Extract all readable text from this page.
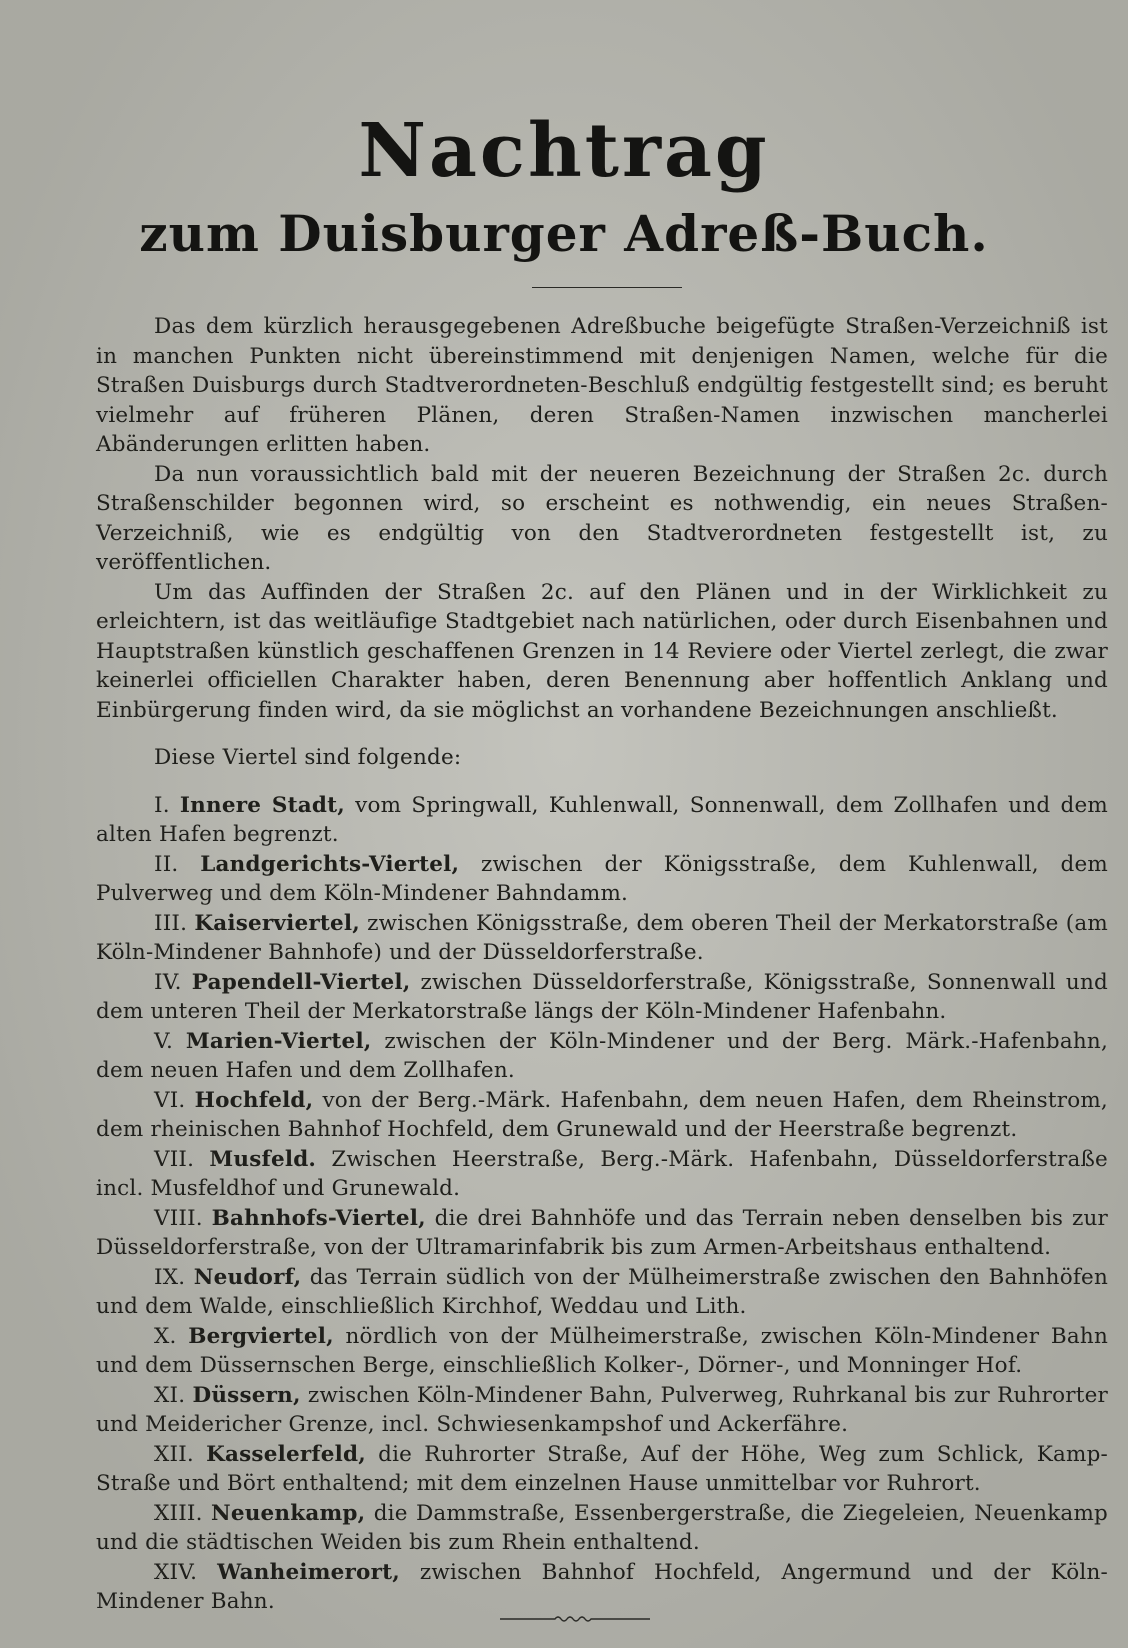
Nachtrag
zum Duisburger Adreß-Buch.

Das dem kürzlich herausgegebenen Adreßbuche beigefügte Straßen-Verzeichniß ist in manchen Punkten nicht übereinstimmend mit denjenigen Namen, welche für die Straßen Duisburgs durch Stadtverordneten-Beschluß endgültig festgestellt sind; es beruht vielmehr auf früheren Plänen, deren Straßen-Namen inzwischen mancherlei Abänderungen erlitten haben.

Da nun voraussichtlich bald mit der neueren Bezeichnung der Straßen 2c. durch Straßenschilder begonnen wird, so erscheint es nothwendig, ein neues Straßen-Verzeichniß, wie es endgültig von den Stadtverordneten festgestellt ist, zu veröffentlichen.

Um das Auffinden der Straßen 2c. auf den Plänen und in der Wirklichkeit zu erleichtern, ist das weitläufige Stadtgebiet nach natürlichen, oder durch Eisenbahnen und Hauptstraßen künstlich geschaffenen Grenzen in 14 Reviere oder Viertel zerlegt, die zwar keinerlei officiellen Charakter haben, deren Benennung aber hoffentlich Anklang und Einbürgerung finden wird, da sie möglichst an vorhandene Bezeichnungen anschließt.

Diese Viertel sind folgende:

I. Innere Stadt, vom Springwall, Kuhlenwall, Sonnenwall, dem Zollhafen und dem alten Hafen begrenzt.

II. Landgerichts-Viertel, zwischen der Königsstraße, dem Kuhlenwall, dem Pulverweg und dem Köln-Mindener Bahndamm.

III. Kaiserviertel, zwischen Königsstraße, dem oberen Theil der Merkatorstraße (am Köln-Mindener Bahnhofe) und der Düsseldorferstraße.

IV. Papendell-Viertel, zwischen Düsseldorferstraße, Königsstraße, Sonnenwall und dem unteren Theil der Merkatorstraße längs der Köln-Mindener Hafenbahn.

V. Marien-Viertel, zwischen der Köln-Mindener und der Berg. Märk.-Hafenbahn, dem neuen Hafen und dem Zollhafen.

VI. Hochfeld, von der Berg.-Märk. Hafenbahn, dem neuen Hafen, dem Rheinstrom, dem rheinischen Bahnhof Hochfeld, dem Grunewald und der Heerstraße begrenzt.

VII. Musfeld. Zwischen Heerstraße, Berg.-Märk. Hafenbahn, Düsseldorferstraße incl. Musfeldhof und Grunewald.

VIII. Bahnhofs-Viertel, die drei Bahnhöfe und das Terrain neben denselben bis zur Düsseldorferstraße, von der Ultramarinfabrik bis zum Armen-Arbeitshaus enthaltend.

IX. Neudorf, das Terrain südlich von der Mülheimerstraße zwischen den Bahnhöfen und dem Walde, einschließlich Kirchhof, Weddau und Lith.

X. Bergviertel, nördlich von der Mülheimerstraße, zwischen Köln-Mindener Bahn und dem Düssernschen Berge, einschließlich Kolker-, Dörner-, und Monninger Hof.

XI. Düssern, zwischen Köln-Mindener Bahn, Pulverweg, Ruhrkanal bis zur Ruhrorter und Meidericher Grenze, incl. Schwiesenkampshof und Ackerfähre.

XII. Kasselerfeld, die Ruhrorter Straße, Auf der Höhe, Weg zum Schlick, Kamp-Straße und Bört enthaltend; mit dem einzelnen Hause unmittelbar vor Ruhrort.

XIII. Neuenkamp, die Dammstraße, Essenbergerstraße, die Ziegeleien, Neuenkamp und die städtischen Weiden bis zum Rhein enthaltend.

XIV. Wanheimerort, zwischen Bahnhof Hochfeld, Angermund und der Köln-Mindener Bahn.
